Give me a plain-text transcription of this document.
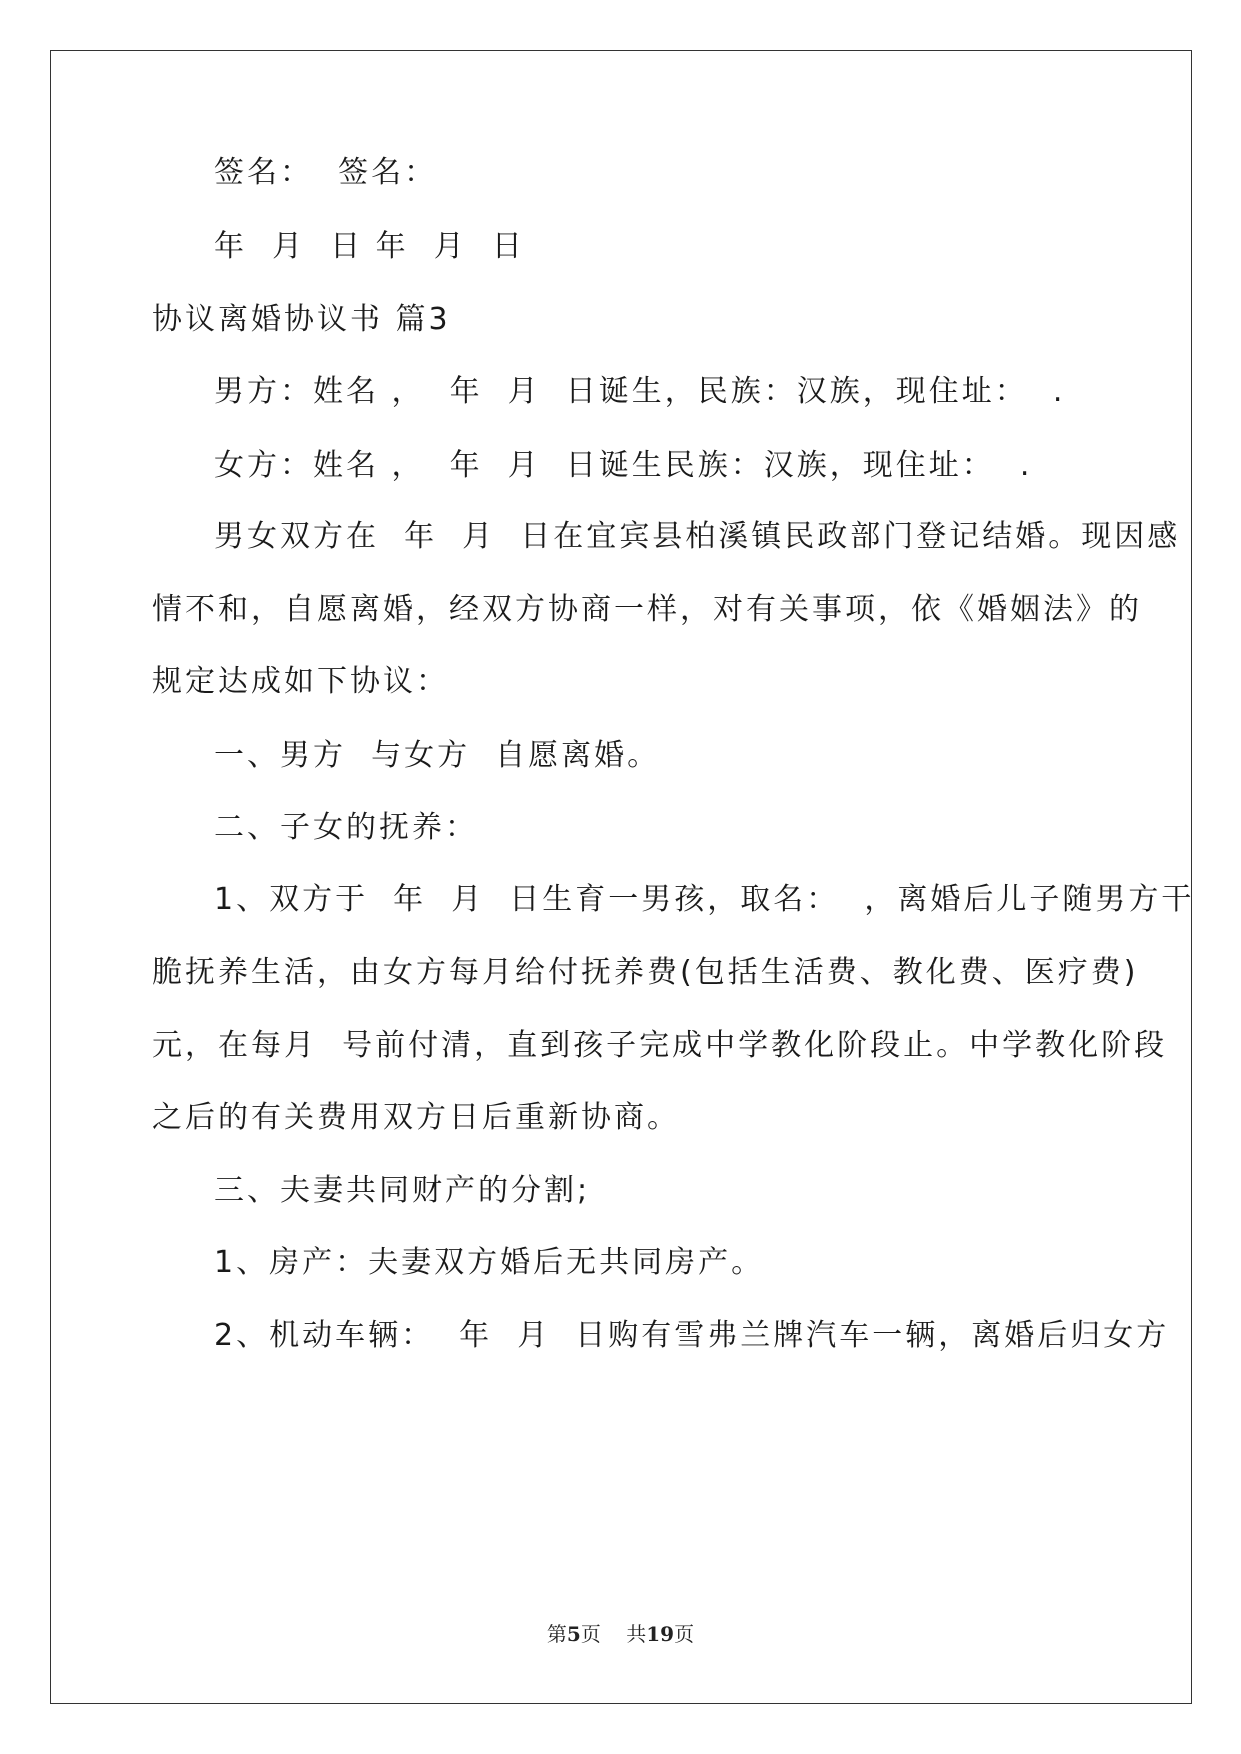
签名：  签名：

年  月  日 年  月  日

协议离婚协议书 篇3

男方：姓名 ，  年  月  日诞生，民族：汉族，现住址：  .

女方：姓名 ，  年  月  日诞生民族：汉族，现住址：  .

男女双方在  年  月  日在宜宾县柏溪镇民政部门登记结婚。现因感

情不和，自愿离婚，经双方协商一样，对有关事项，依《婚姻法》的

规定达成如下协议：

一、男方  与女方  自愿离婚。

二、子女的抚养：

1、双方于  年  月  日生育一男孩，取名：  ，离婚后儿子随男方干

脆抚养生活，由女方每月给付抚养费(包括生活费、教化费、医疗费)

元，在每月  号前付清，直到孩子完成中学教化阶段止。中学教化阶段

之后的有关费用双方日后重新协商。

三、夫妻共同财产的分割;

1、房产：夫妻双方婚后无共同房产。

2、机动车辆：  年  月  日购有雪弗兰牌汽车一辆，离婚后归女方

第5页 共19页
